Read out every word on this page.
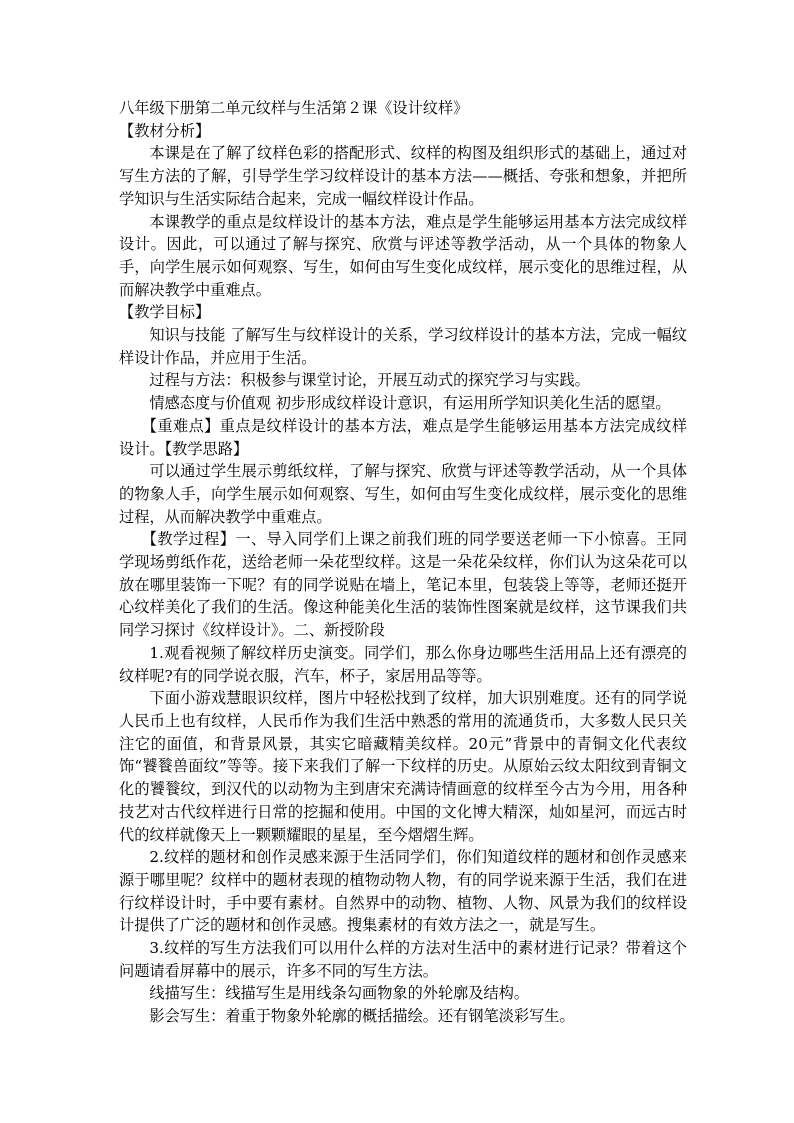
八年级下册第二单元纹样与生活第２课《设计纹样》

【教材分析】

本课是在了解了纹样色彩的搭配形式、纹样的构图及组织形式的基础上，通过对写生方法的了解，引导学生学习纹样设计的基本方法——概括、夸张和想象，并把所学知识与生活实际结合起来，完成一幅纹样设计作品。

本课教学的重点是纹样设计的基本方法，难点是学生能够运用基本方法完成纹样设计。因此，可以通过了解与探究、欣赏与评述等教学活动，从一个具体的物象人手，向学生展示如何观察、写生，如何由写生变化成纹样，展示变化的思维过程，从而解决教学中重难点。

【教学目标】

知识与技能 了解写生与纹样设计的关系，学习纹样设计的基本方法，完成一幅纹样设计作品，并应用于生活。

过程与方法：积极参与课堂讨论，开展互动式的探究学习与实践。

情感态度与价值观 初步形成纹样设计意识，有运用所学知识美化生活的愿望。

【重难点】重点是纹样设计的基本方法，难点是学生能够运用基本方法完成纹样设计。【教学思路】

可以通过学生展示剪纸纹样，了解与探究、欣赏与评述等教学活动，从一个具体的物象人手，向学生展示如何观察、写生，如何由写生变化成纹样，展示变化的思维过程，从而解决教学中重难点。

【教学过程】一、导入同学们上课之前我们班的同学要送老师一下小惊喜。王同学现场剪纸作花，送给老师一朵花型纹样。这是一朵花朵纹样，你们认为这朵花可以放在哪里装饰一下呢？有的同学说贴在墙上，笔记本里，包装袋上等等，老师还挺开心纹样美化了我们的生活。像这种能美化生活的装饰性图案就是纹样，这节课我们共同学习探讨《纹样设计》。二、新授阶段

1.观看视频了解纹样历史演变。同学们，那么你身边哪些生活用品上还有漂亮的纹样呢?有的同学说衣服，汽车，杯子，家居用品等等。

下面小游戏慧眼识纹样，图片中轻松找到了纹样，加大识别难度。还有的同学说人民币上也有纹样，人民币作为我们生活中熟悉的常用的流通货币，大多数人民只关注它的面值，和背景风景，其实它暗藏精美纹样。20元”背景中的青铜文化代表纹饰“饕餮兽面纹”等等。接下来我们了解一下纹样的历史。从原始云纹太阳纹到青铜文化的饕餮纹，到汉代的以动物为主到唐宋充满诗情画意的纹样至今古为今用，用各种技艺对古代纹样进行日常的挖掘和使用。中国的文化博大精深，灿如星河，而远古时代的纹样就像天上一颗颗耀眼的星星，至今熠熠生辉。

2.纹样的题材和创作灵感来源于生活同学们，你们知道纹样的题材和创作灵感来源于哪里呢？纹样中的题材表现的植物动物人物，有的同学说来源于生活，我们在进行纹样设计时，手中要有素材。自然界中的动物、植物、人物、风景为我们的纹样设计提供了广泛的题材和创作灵感。搜集素材的有效方法之一，就是写生。

3.纹样的写生方法我们可以用什么样的方法对生活中的素材进行记录？带着这个问题请看屏幕中的展示，许多不同的写生方法。

线描写生：线描写生是用线条勾画物象的外轮廓及结构。

影会写生：着重于物象外轮廓的概括描绘。还有钢笔淡彩写生。
